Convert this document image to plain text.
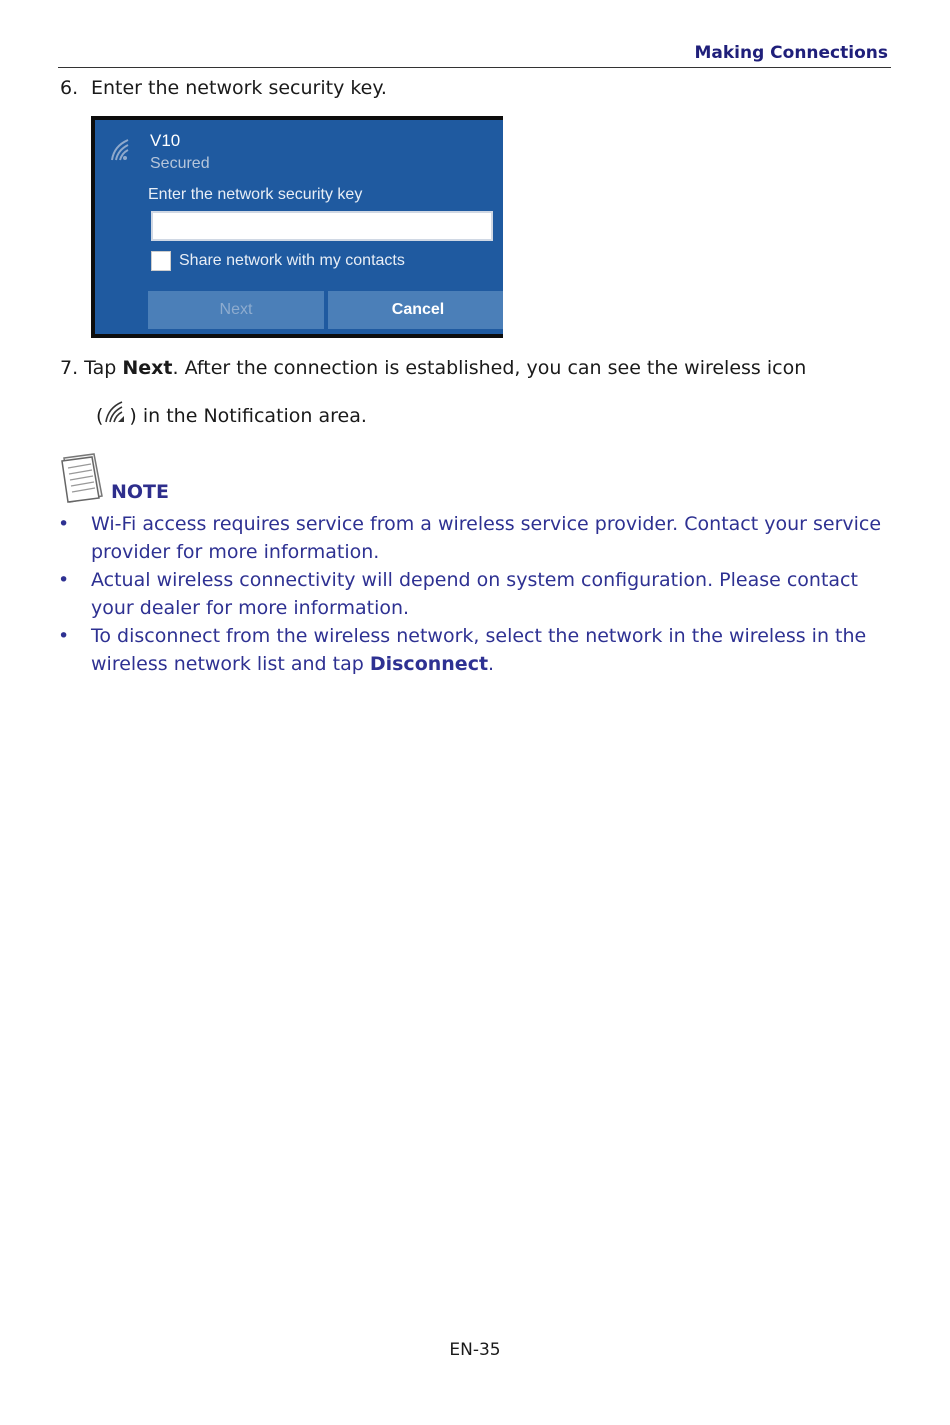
Making Connections
6. Enter the network security key.
V10
Secured
Enter the network security key
Share network with my contacts
Next	Cancel
7. Tap Next. After the connection is established, you can see the wireless icon
( ) in the Notification area.
NOTE
• Wi-Fi access requires service from a wireless service provider. Contact your service provider for more information.
• Actual wireless connectivity will depend on system configuration. Please contact your dealer for more information.
• To disconnect from the wireless network, select the network in the wireless in the wireless network list and tap Disconnect.
EN-35
